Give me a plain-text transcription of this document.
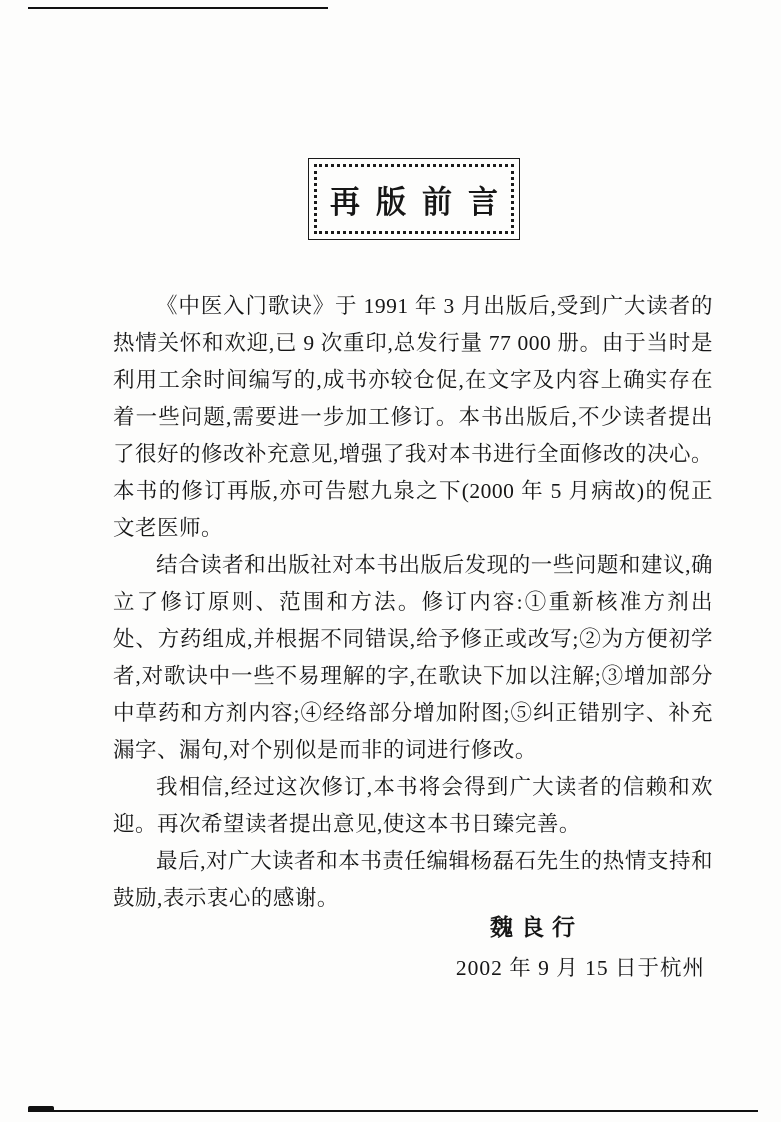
再版前言

《中医入门歌诀》于 1991 年 3 月出版后,受到广大读者的热情关怀和欢迎,已 9 次重印,总发行量 77 000 册。由于当时是利用工余时间编写的,成书亦较仓促,在文字及内容上确实存在着一些问题,需要进一步加工修订。本书出版后,不少读者提出了很好的修改补充意见,增强了我对本书进行全面修改的决心。本书的修订再版,亦可告慰九泉之下(2000 年 5 月病故)的倪正文老医师。

结合读者和出版社对本书出版后发现的一些问题和建议,确立了修订原则、范围和方法。修订内容:①重新核准方剂出处、方药组成,并根据不同错误,给予修正或改写;②为方便初学者,对歌诀中一些不易理解的字,在歌诀下加以注解;③增加部分中草药和方剂内容;④经络部分增加附图;⑤纠正错别字、补充漏字、漏句,对个别似是而非的词进行修改。

我相信,经过这次修订,本书将会得到广大读者的信赖和欢迎。再次希望读者提出意见,使这本书日臻完善。

最后,对广大读者和本书责任编辑杨磊石先生的热情支持和鼓励,表示衷心的感谢。

魏良行
2002 年 9 月 15 日于杭州
